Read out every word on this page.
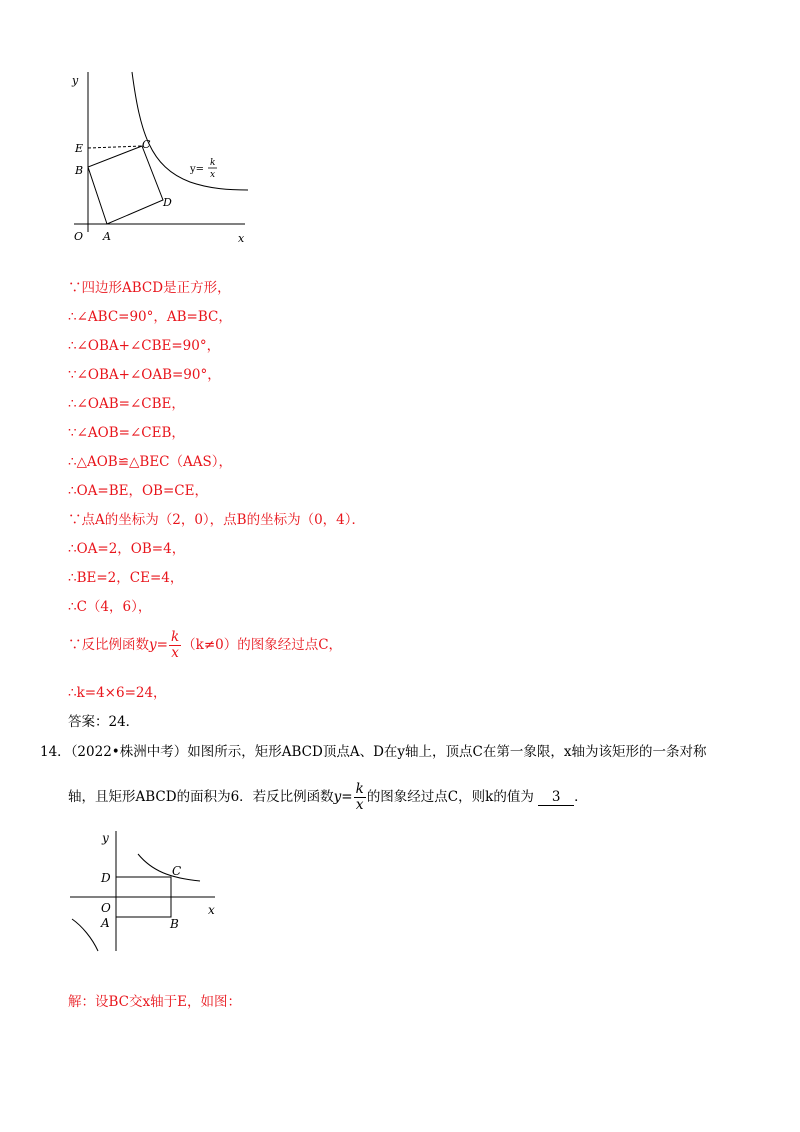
y
x
O A
B
E	C
D
y=
k
x
∵四边形ABCD是正方形，
∴∠ABC=90°，AB=BC，
∴∠OBA+∠CBE=90°，
∵∠OBA+∠OAB=90°，
∴∠OAB=∠CBE，
∵∠AOB=∠CEB，
∴△AOB≌△BEC（AAS），
∴OA=BE，OB=CE，
∵点A的坐标为（2，0），点B的坐标为（0，4）．
∴OA=2，OB=4，
∴BE=2，CE=4，
∴C（4，6），
∵反比例函数$y= \frac{k}{x} (k\ne 0)$的图象经过点C，
∴k=4×6=24，
答案：24．
14．（2022•株洲中考）如图所示，矩形ABCD顶点A、D在y轴上，顶点C在第一象限，x轴为该矩形的一条对称
轴，且矩形ABCD的面积为6．若反比例函数$y= \frac{k}{x}$ 的图象经过点C，则k的值为 3 ．
y
x
O
D
A
C
B
解：设BC交x轴于E，如图：
